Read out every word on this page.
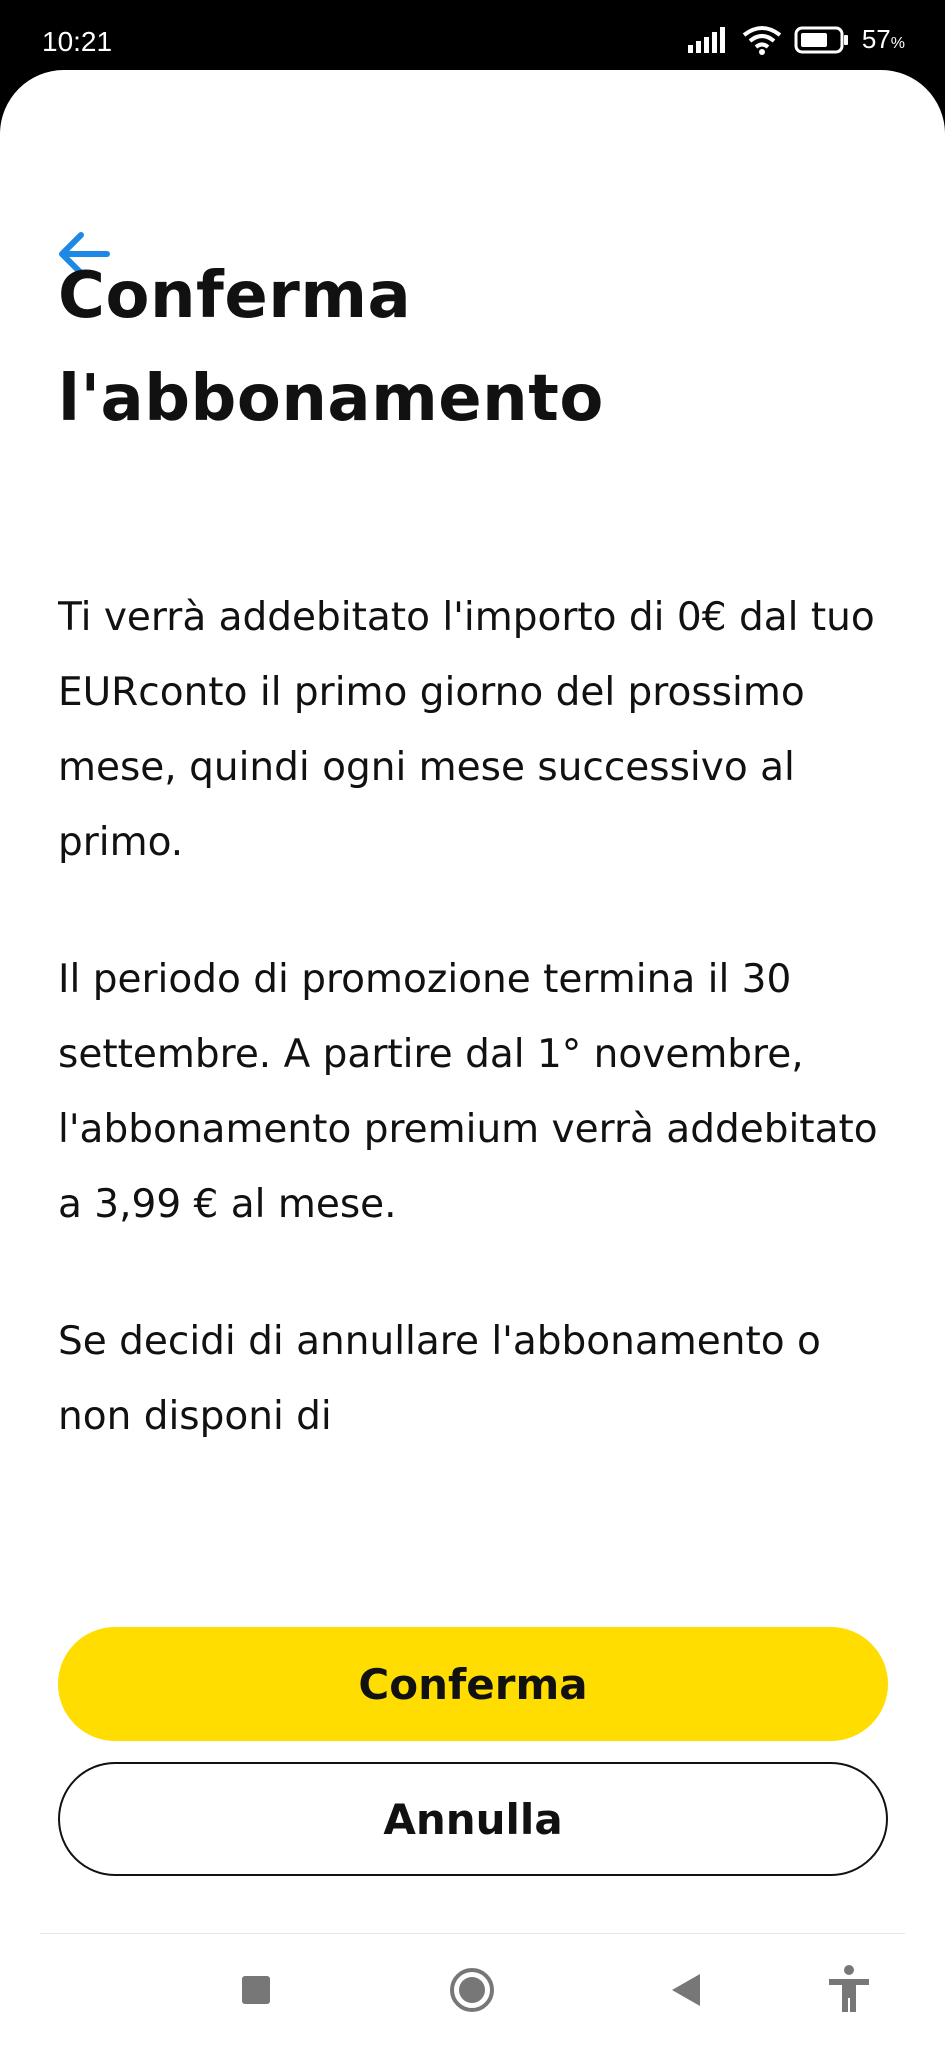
10:21	57%
Conferma l'abbonamento

Ti verrà addebitato l'importo di 0€ dal tuo EURconto il primo giorno del prossimo mese, quindi ogni mese successivo al primo.

Il periodo di promozione termina il 30 settembre. A partire dal 1° novembre, l'abbonamento premium verrà addebitato a 3,99 € al mese.

Se decidi di annullare l'abbonamento o non disponi di

Conferma
Annulla
